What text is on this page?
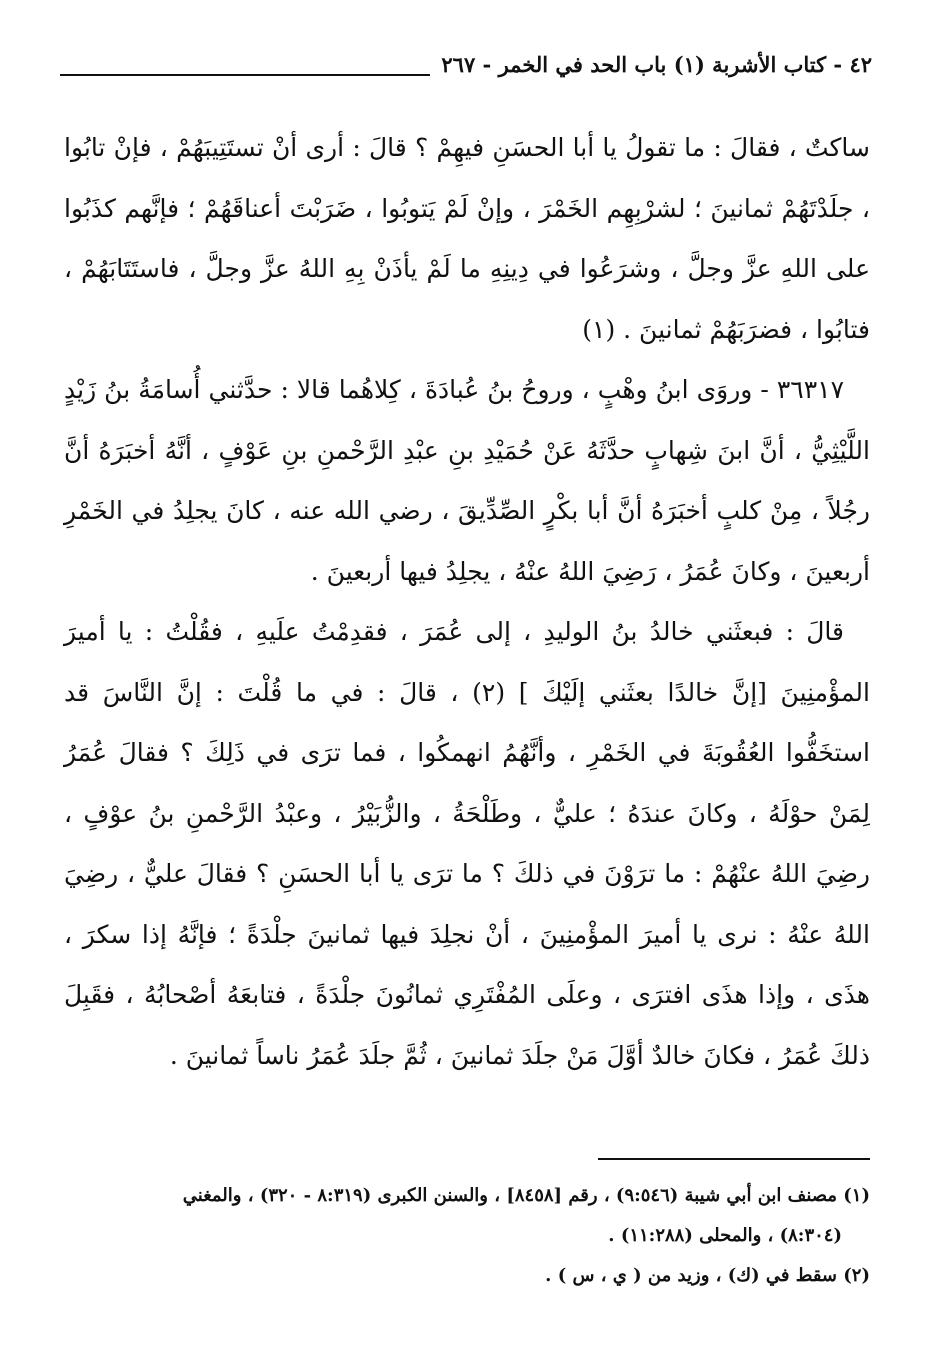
٤٢ - كتاب الأشربة (١) باب الحد في الخمر - ٢٦٧

ساكتٌ ، فقالَ : ما تقولُ يا أبا الحسَنِ فيهِمْ ؟ قالَ : أرى أنْ تستَتِيبَهُمْ ، فإنْ تابُوا ، جلَدْتَهُمْ ثمانينَ ؛ لشرْبِهِم الخَمْرَ ، وإنْ لَمْ يَتوبُوا ، ضَرَبْتَ أعناقَهُمْ ؛ فإنَّهم كذَبُوا على اللهِ عزَّ وجلَّ ، وشرَعُوا في دِينِهِ ما لَمْ يأذَنْ بِهِ اللهُ عزَّ وجلَّ ، فاستَتَابَهُمْ ، فتابُوا ، فضرَبَهُمْ ثمانينَ . (١)

٣٦٣١٧ - وروَى ابنُ وهْبٍ ، وروحُ بنُ عُبادَةَ ، كِلاهُما قالا : حدَّثني أُسامَةُ بنُ زَيْدٍ اللَّيْثِيُّ ، أنَّ ابنَ شِهابٍ حدَّثَهُ عَنْ حُمَيْدِ بنِ عبْدِ الرَّحْمنِ بنِ عَوْفٍ ، أنَّهُ أخبَرَهُ أنَّ رجُلاً ، مِنْ كلبٍ أخبَرَهُ أنَّ أبا بكْرٍ الصِّدِّيقَ ، رضي الله عنه ، كانَ يجلِدُ في الخَمْرِ أربعينَ ، وكانَ عُمَرُ ، رَضِيَ اللهُ عنْهُ ، يجلِدُ فيها أربعينَ .

قالَ : فبعثَني خالدُ بنُ الوليدِ ، إلى عُمَرَ ، فقدِمْتُ علَيهِ ، فقُلْتُ : يا أميرَ المؤْمنِينَ [إنَّ خالدًا بعثَني إلَيْكَ ] (٢) ، قالَ : في ما قُلْتَ : إنَّ النَّاسَ قد استخَفُّوا العُقُوبَةَ في الخَمْرِ ، وأنَّهُمُ انهمكُوا ، فما ترَى في ذَلِكَ ؟ فقالَ عُمَرُ لِمَنْ حوْلَهُ ، وكانَ عندَهُ ؛ عليٌّ ، وطَلْحَةُ ، والزُّبَيْرُ ، وعبْدُ الرَّحْمنِ بنُ عوْفٍ ، رضِيَ اللهُ عنْهُمْ : ما ترَوْنَ في ذلكَ ؟ ما ترَى يا أبا الحسَنِ ؟ فقالَ عليٌّ ، رضِيَ اللهُ عنْهُ : نرى يا أميرَ المؤْمنِينَ ، أنْ نجلِدَ فيها ثمانينَ جلْدَةً ؛ فإنَّهُ إذا سكرَ ، هذَى ، وإذا هذَى افترَى ، وعلَى المُفْتَرِي ثمانُونَ جلْدَةً ، فتابعَهُ أصْحابُهُ ، فقَبِلَ ذلكَ عُمَرُ ، فكانَ خالدٌ أوَّلَ مَنْ جلَدَ ثمانينَ ، ثُمَّ جلَدَ عُمَرُ ناساً ثمانينَ .

(١) مصنف ابن أبي شيبة (٩:٥٤٦) ، رقم [٨٤٥٨] ، والسنن الكبرى (٨:٣١٩ - ٣٢٠) ، والمغني

(٨:٣٠٤) ، والمحلى (١١:٢٨٨) .

(٢) سقط في (ك) ، وزيد من ( ي ، س ) .
